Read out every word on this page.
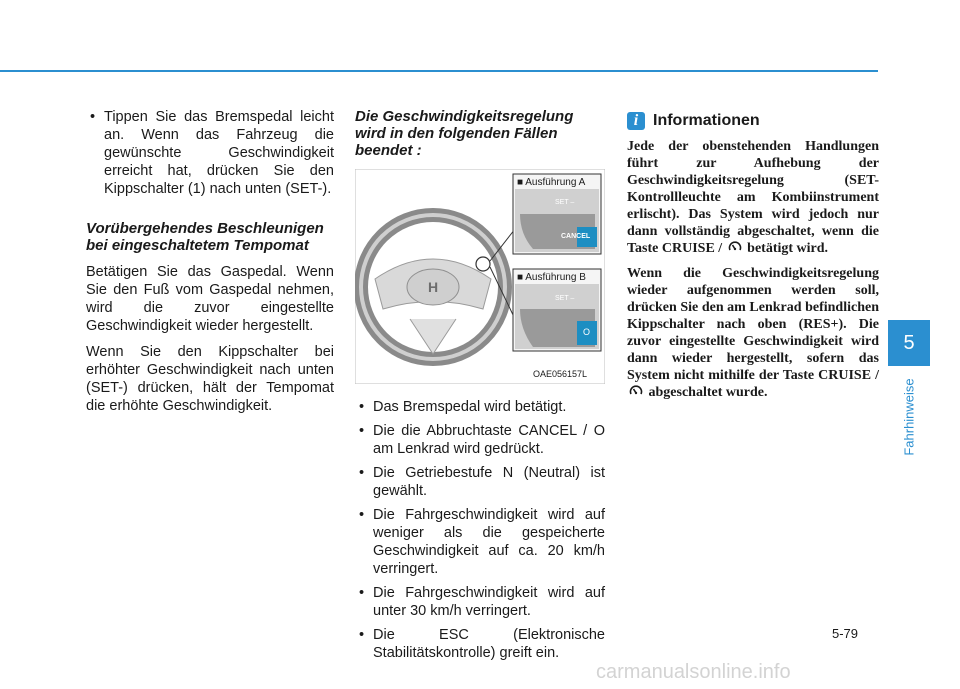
• Tippen Sie das Bremspedal leicht an. Wenn das Fahrzeug die gewünschte Geschwindigkeit erreicht hat, drücken Sie den Kippschalter (1) nach unten (SET-).
Vorübergehendes Beschleunigen bei eingeschaltetem Tempomat

Betätigen Sie das Gaspedal. Wenn Sie den Fuß vom Gaspedal nehmen, wird die zuvor eingestellte Geschwindigkeit wieder hergestellt.

Wenn Sie den Kippschalter bei erhöhter Geschwindigkeit nach unten (SET-) drücken, hält der Tempomat die erhöhte Geschwindigkeit.

Die Geschwindigkeitsregelung wird in den folgenden Fällen beendet :
H
■ Ausführung A
SET –
CANCEL
■ Ausführung B
SET –
O
OAE056157L
• Das Bremspedal wird betätigt.
• Die die Abbruchtaste CANCEL / O am Lenkrad wird gedrückt.
• Die Getriebestufe N (Neutral) ist gewählt.
• Die Fahrgeschwindigkeit wird auf weniger als die gespeicherte Geschwindigkeit auf ca. 20 km/h verringert.
• Die Fahrgeschwindigkeit wird auf unter 30 km/h verringert.
• Die ESC (Elektronische Stabilitätskontrolle) greift ein.
i Informationen

Jede der obenstehenden Handlungen führt zur Aufhebung der Geschwindigkeitsregelung (SET-Kontrollleuchte am Kombiinstrument erlischt). Das System wird jedoch nur dann vollständig abgeschaltet, wenn die Taste CRUISE / betätigt wird.

Wenn die Geschwindigkeitsregelung wieder aufgenommen werden soll, drücken Sie den am Lenkrad befindlichen Kippschalter nach oben (RES+). Die zuvor eingestellte Geschwindigkeit wird dann wieder hergestellt, sofern das System nicht mithilfe der Taste CRUISE /  abgeschaltet wurde.

5
Fahrhinweise
5-79
carmanualsonline.info
